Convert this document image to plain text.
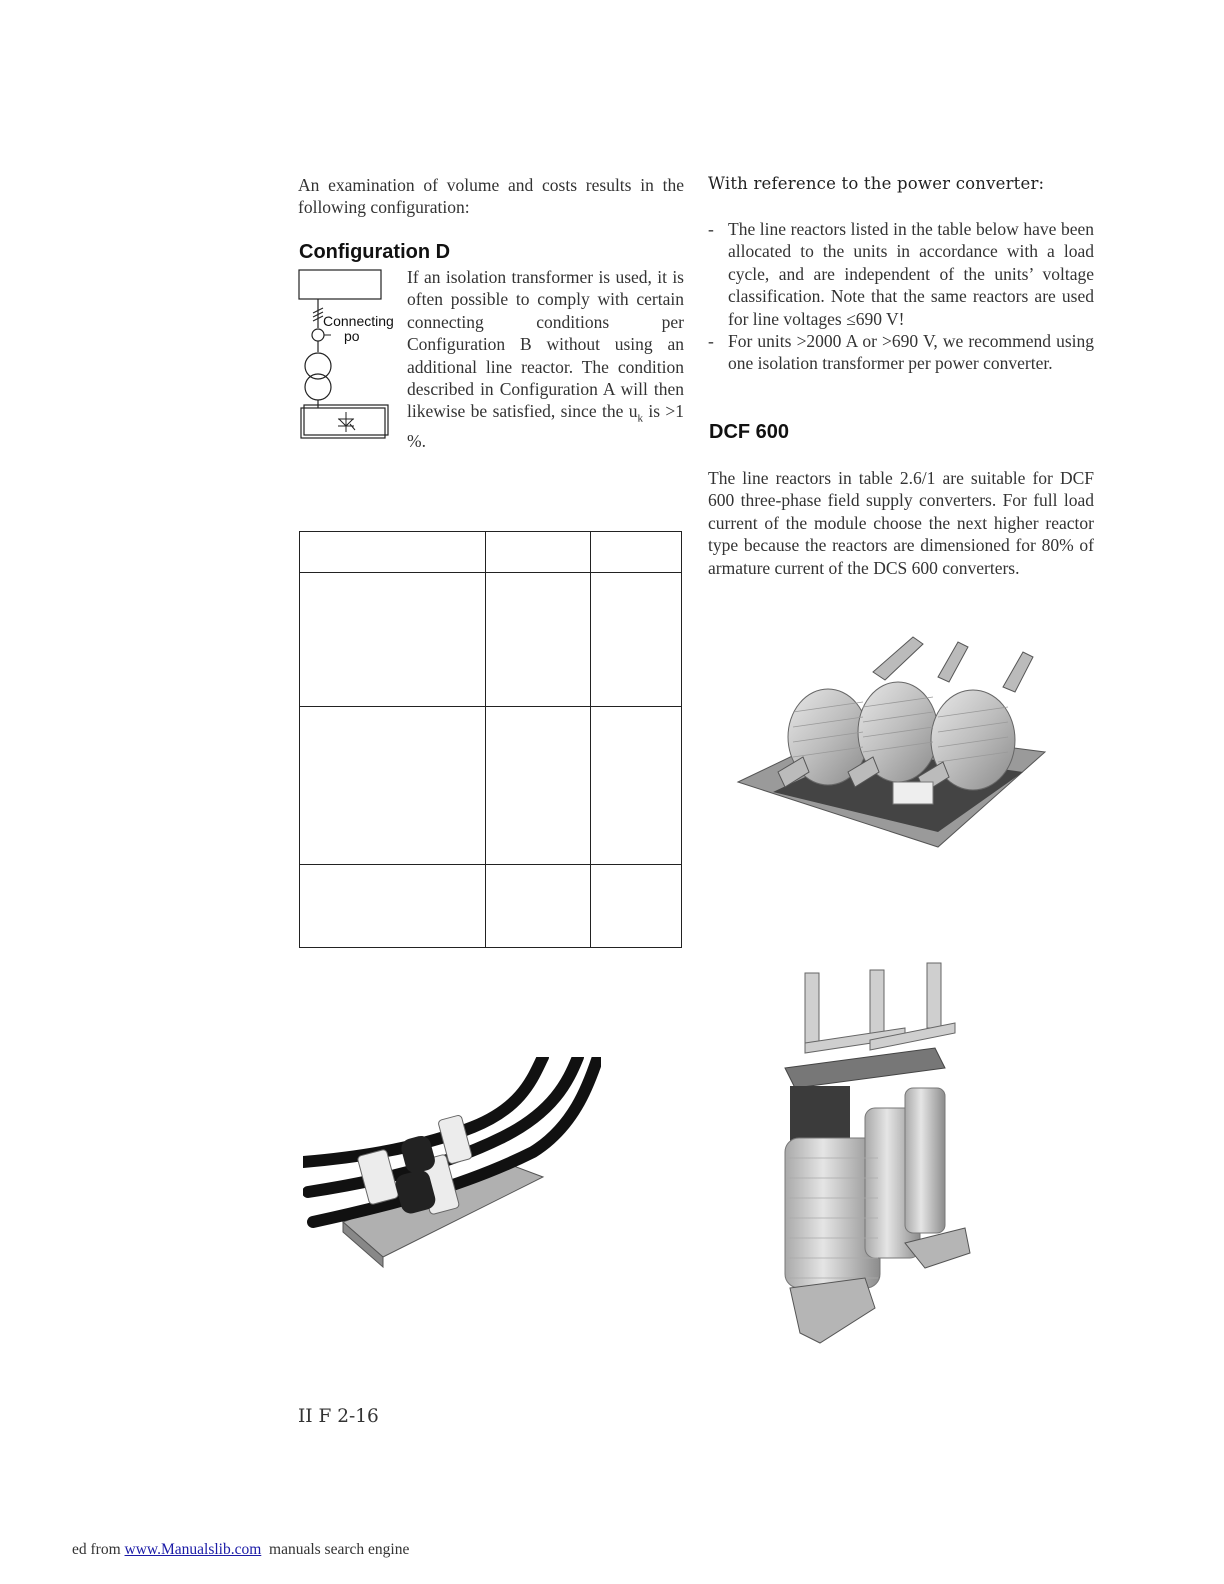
An examination of volume and costs results in the following configuration:
Configuration D
Connecting
po
If an isolation transformer is used, it is often possible to comply with certain connecting conditions per Configuration B without using an additional line reactor. The condition described in Configuration A will then likewise be satisfied, since the $u_k$ is >1 %.

With reference to the power converter:
- The line reactors listed in the table below have been allocated to the units in accordance with a load cycle, and are independent of the units’ voltage classification. Note that the same reactors are used for line voltages ≤690 V!
- For units >2000 A or >690 V, we recommend using one isolation transformer per power converter.
DCF 600
The line reactors in table 2.6/1 are suitable for DCF 600 three-phase field supply converters. For full load current of the module choose the next higher reactor type because the reactors are dimensioned for 80% of armature current of the DCS 600 converters.
II F 2-16
ed from www.Manualslib.com  manuals search engine
